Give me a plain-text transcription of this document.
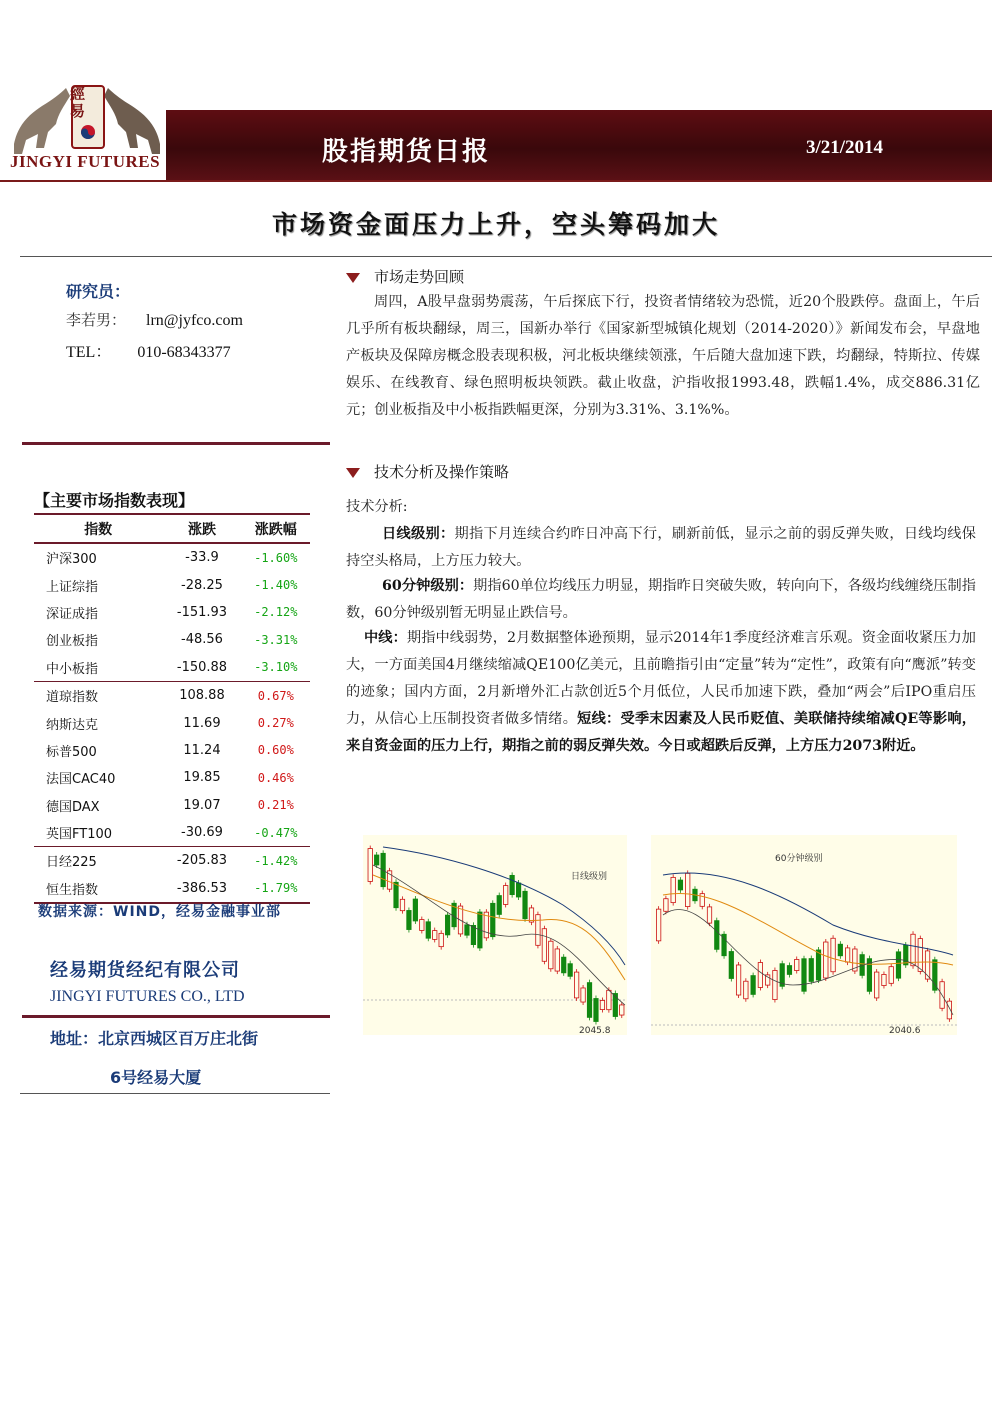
JINGYI FUTURES
經易
股指期货日报	3/21/2014
市场资金面压力上升，空头筹码加大
研究员：
李若男： lrn@jyfco.com
TEL： 010-68343377
【主要市场指数表现】
指数	涨跌	涨跌幅
沪深300	-33.9	-1.60%
上证综指	-28.25	-1.40%
深证成指	-151.93	-2.12%
创业板指	-48.56	-3.31%
中小板指	-150.88	-3.10%
道琼指数	108.88	0.67%
纳斯达克	11.69	0.27%
标普500	11.24	0.60%
法国CAC40	19.85	0.46%
德国DAX	19.07	0.21%
英国FT100	-30.69	-0.47%
日经225	-205.83	-1.42%
恒生指数	-386.53	-1.79%
数据来源：WIND，经易金融事业部
经易期货经纪有限公司
JINGYI FUTURES CO., LTD
地址：北京西城区百万庄北街
6号经易大厦
市场走势回顾
周四，A股早盘弱势震荡，午后探底下行，投资者情绪较为恐慌，近20个股跌停。盘面上，午后几乎所有板块翻绿，周三，国新办举行《国家新型城镇化规划（2014-2020）》新闻发布会，早盘地产板块及保障房概念股表现积极，河北板块继续领涨，午后随大盘加速下跌，均翻绿，特斯拉、传媒娱乐、在线教育、绿色照明板块领跌。截止收盘，沪指收报1993.48，跌幅1.4%，成交886.31亿元；创业板指及中小板指跌幅更深，分别为3.31%、3.1%%。
技术分析及操作策略
技术分析:
日线级别：期指下月连续合约昨日冲高下行，刷新前低，显示之前的弱反弹失败，日线均线保持空头格局，上方压力较大。
60分钟级别：期指60单位均线压力明显，期指昨日突破失败，转向向下，各级均线缠绕压制指数，60分钟级别暂无明显止跌信号。
中线：期指中线弱势，2月数据整体逊预期，显示2014年1季度经济难言乐观。资金面收紧压力加大，一方面美国4月继续缩减QE100亿美元，且前瞻指引由“定量”转为“定性”，政策有向“鹰派”转变的迹象；国内方面，2月新增外汇占款创近5个月低位，人民币加速下跌，叠加“两会”后IPO重启压力，从信心上压制投资者做多情绪。短线：受季末因素及人民币贬值、美联储持续缩减QE等影响，来自资金面的压力上行，期指之前的弱反弹失效。今日或超跌后反弹，上方压力2073附近。
日线级别
2045.8
60分钟级别
2040.6
